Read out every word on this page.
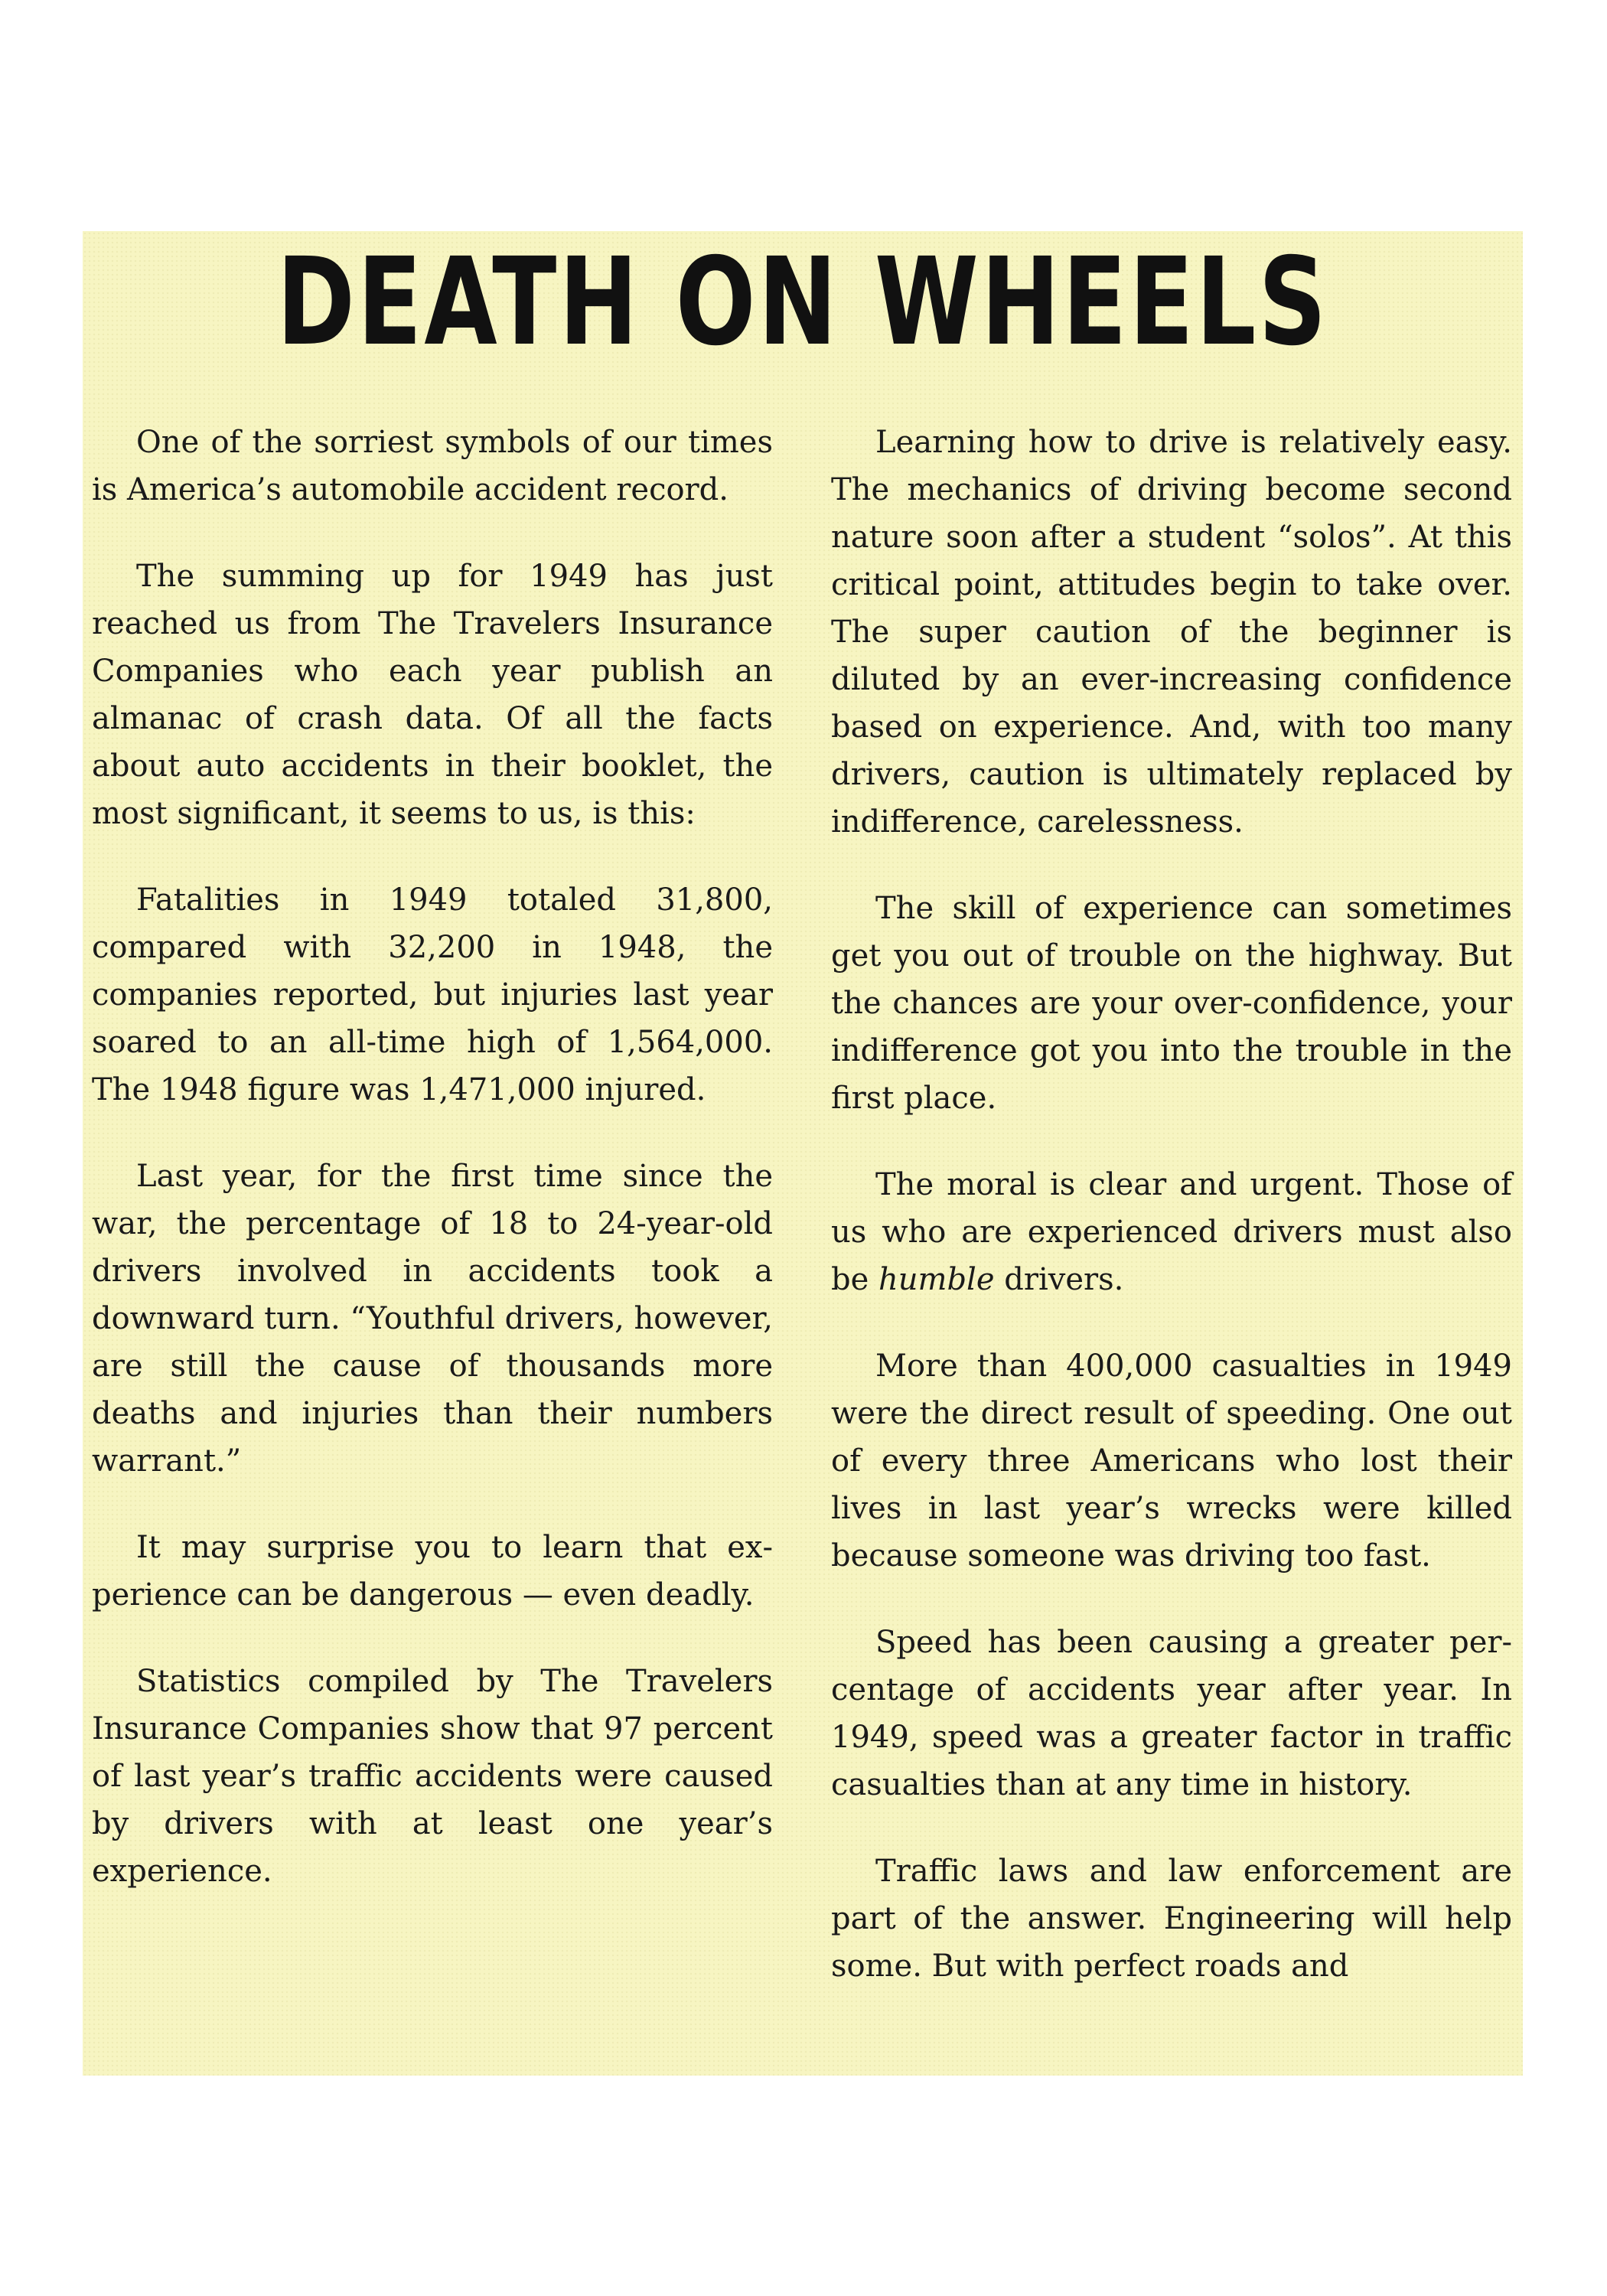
DEATH ON WHEELS

One of the sorriest symbols of our times is America’s automobile accident record.

The summing up for 1949 has just reached us from The Travelers Insurance Companies who each year publish an almanac of crash data. Of all the facts about auto accidents in their booklet, the most significant, it seems to us, is this:

Fatalities in 1949 totaled 31,800, compared with 32,200 in 1948, the companies reported, but injuries last year soared to an all-time high of 1,564,000. The 1948 figure was 1,471,000 injured.

Last year, for the first time since the war, the percentage of 18 to 24-year-old drivers involved in accidents took a downward turn. “Youthful drivers, however, are still the cause of thousands more deaths and injuries than their numbers warrant.”

It may surprise you to learn that experience can be dangerous — even deadly.

Statistics compiled by The Travelers Insurance Companies show that 97 percent of last year’s traffic accidents were caused by drivers with at least one year’s experience.

Learning how to drive is relatively easy. The mechanics of driving become second nature soon after a student “solos”. At this critical point, attitudes begin to take over. The super caution of the beginner is diluted by an ever-increasing confidence based on experience. And, with too many drivers, caution is ultimately replaced by indifference, carelessness.

The skill of experience can sometimes get you out of trouble on the highway. But the chances are your over-confidence, your indifference got you into the trouble in the first place.

The moral is clear and urgent. Those of us who are experienced drivers must also be humble drivers.

More than 400,000 casualties in 1949 were the direct result of speeding. One out of every three Americans who lost their lives in last year’s wrecks were killed because someone was driving too fast.

Speed has been causing a greater percentage of accidents year after year. In 1949, speed was a greater factor in traffic casualties than at any time in history.

Traffic laws and law enforcement are part of the answer. Engineering will help some. But with perfect roads and
